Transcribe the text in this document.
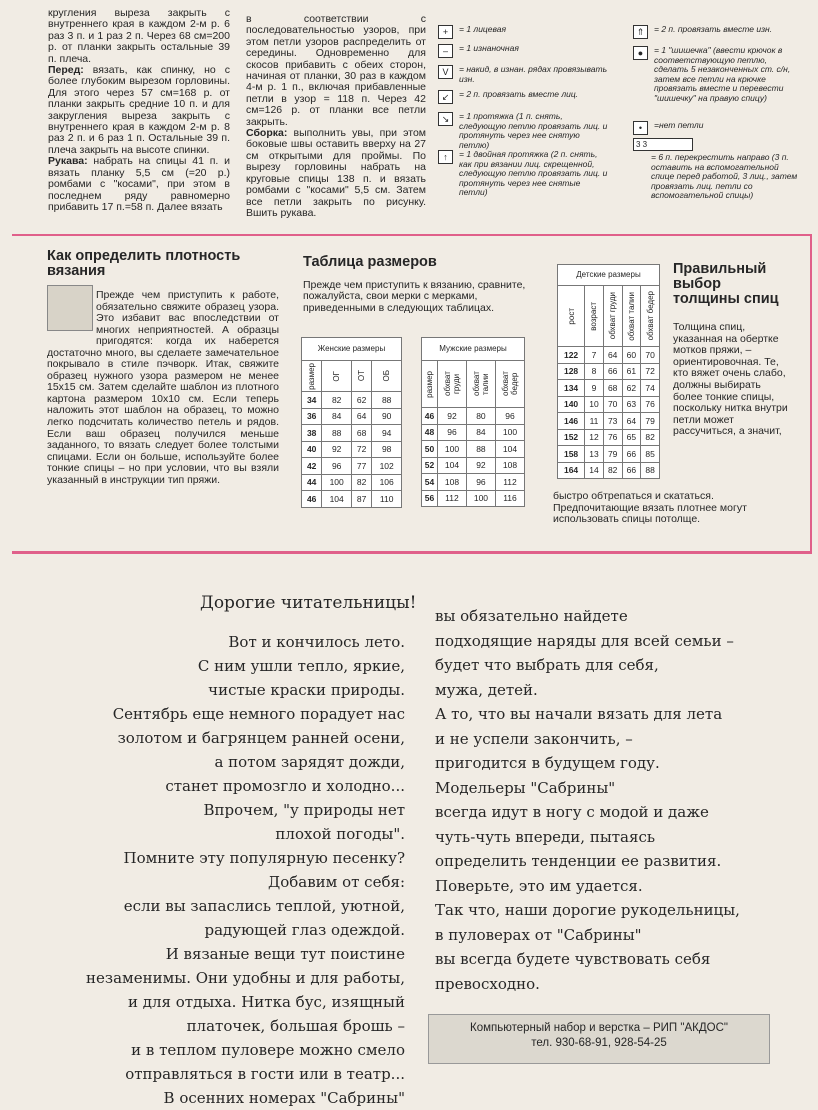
кругления выреза закрыть с внутреннего края в каждом 2-м р. 6 раз 3 п. и 1 раз 2 п. Через 68 см=200 р. от планки закрыть остальные 39 п. плеча.

Перед: вязать, как спинку, но с более глубоким вырезом горловины. Для этого через 57 см=168 р. от планки закрыть средние 10 п. и для закругления выреза закрыть с внутреннего края в каждом 2-м р. 8 раз 2 п. и 6 раз 1 п. Остальные 39 п. плеча закрыть на высоте спинки.

Рукава: набрать на спицы 41 п. и вязать планку 5,5 см (=20 р.) ромбами с "косами", при этом в последнем ряду равномерно прибавить 17 п.=58 п. Далее вязать

в соответствии с последовательностью узоров, при этом петли узоров распределить от середины. Одновременно для скосов прибавить с обеих сторон, начиная от планки, 30 раз в каждом 4-м р. 1 п., включая прибавленные петли в узор = 118 п. Через 42 см=126 р. от планки все петли закрыть.

Сборка: выполнить увы, при этом боковые швы оставить вверху на 27 см открытыми для проймы. По вырезу горловины набрать на круговые спицы 138 п. и вязать ромбами с "косами" 5,5 см. Затем все петли закрыть по рисунку. Вшить рукава.

+	= 1 лицевая
–	= 1 изнаночная
V	= накид, в изнан. рядах провязывать изн.
↙	= 2 п. провязать вместе лиц.
↘	= 1 протяжка (1 п. снять, следующую петлю провязать лиц. и протянуть через нее снятую петлю)
↑	= 1 двойная протяжка (2 п. снять, как при вязании лиц. скрещенной, следующую петлю провязать лиц. и протянуть через нее снятые петли)
⇑	= 2 п. провязать вместе изн.
●	= 1 "шишечка" (ввести крючок в соответствующую петлю, сделать 5 незаконченных ст. с/н, затем все петли на крючке провязать вместе и перевести "шишечку" на правую спицу)
•	=нет петли
3 3
= 6 п. перекрестить направо (3 п. оставить на вспомогательной спице перед работой, 3 лиц., затем провязать лиц. петли со вспомогательной спицы)
Как определить плотность вязания
Прежде чем приступить к работе, обязательно свяжите образец узора. Это избавит вас впоследствии от многих неприятностей. А образцы пригодятся: когда их наберется достаточно много, вы сделаете замечательное покрывало в стиле пэчворк. Итак, свяжите образец нужного узора размером не менее 15х15 см. Затем сделайте шаблон из плотного картона размером 10х10 см. Если теперь наложить этот шаблон на образец, то можно легко подсчитать количество петель и рядов. Если ваш образец получился меньше заданного, то вязать следует более толстыми спицами. Если он больше, используйте более тонкие спицы – но при условии, что вы взяли указанный в инструкции тип пряжи.
Таблица размеров
Прежде чем приступить к вязанию, сравните, пожалуйста, свои мерки с мерками, приведенными в следующих таблицах.
Женские размеры			

размер	ОГ	ОТ	ОБ

34	82	62	88
36	84	64	90
38	88	68	94
40	92	72	98
42	96	77	102
44	100	82	106
46	104	87	110
Мужские размеры			

размер	обхват груди	обхват талии	обхват бедер

46	92	80	96
48	96	84	100
50	100	88	104
52	104	92	108
54	108	96	112
56	112	100	116
Детские размеры				

рост	возраст	обхват груди	обхват талии	обхват бедер

122	7	64	60	70
128	8	66	61	72
134	9	68	62	74
140	10	70	63	76
146	11	73	64	79
152	12	76	65	82
158	13	79	66	85
164	14	82	66	88
Правильный выбор толщины спиц
Толщина спиц, указанная на обертке мотков пряжи, – ориентировочная. Те, кто вяжет очень слабо, должны выбирать более тонкие спицы, поскольку нитка внутри петли может рассучиться, а значит,
быстро обтрепаться и скататься. Предпочитающие вязать плотнее могут использовать спицы потолще.
Дорогие читательницы!
Вот и кончилось лето.
С ним ушли тепло, яркие,
чистые краски природы.
Сентябрь еще немного порадует нас
золотом и багрянцем ранней осени,
а потом зарядят дожди,
станет промозгло и холодно...
Впрочем, "у природы нет
плохой погоды".
Помните эту популярную песенку?
Добавим от себя:
если вы запаслись теплой, уютной,
радующей глаз одеждой.
И вязаные вещи тут поистине
незаменимы. Они удобны и для работы,
и для отдыха. Нитка бус, изящный
платочек, большая брошь –
и в теплом пуловере можно смело
отправляться в гости или в театр...
В осенних номерах "Сабрины"
вы обязательно найдете
подходящие наряды для всей семьи –
будет что выбрать для себя,
мужа, детей.
А то, что вы начали вязать для лета
и не успели закончить, –
пригодится в будущем году.
Модельеры "Сабрины"
всегда идут в ногу с модой и даже
чуть-чуть впереди, пытаясь
определить тенденции ее развития.
Поверьте, это им удается.
Так что, наши дорогие рукодельницы,
в пуловерах от "Сабрины"
вы всегда будете чувствовать себя
превосходно.
Компьютерный набор и верстка – РИП "АКДОС"
тел. 930-68-91, 928-54-25
